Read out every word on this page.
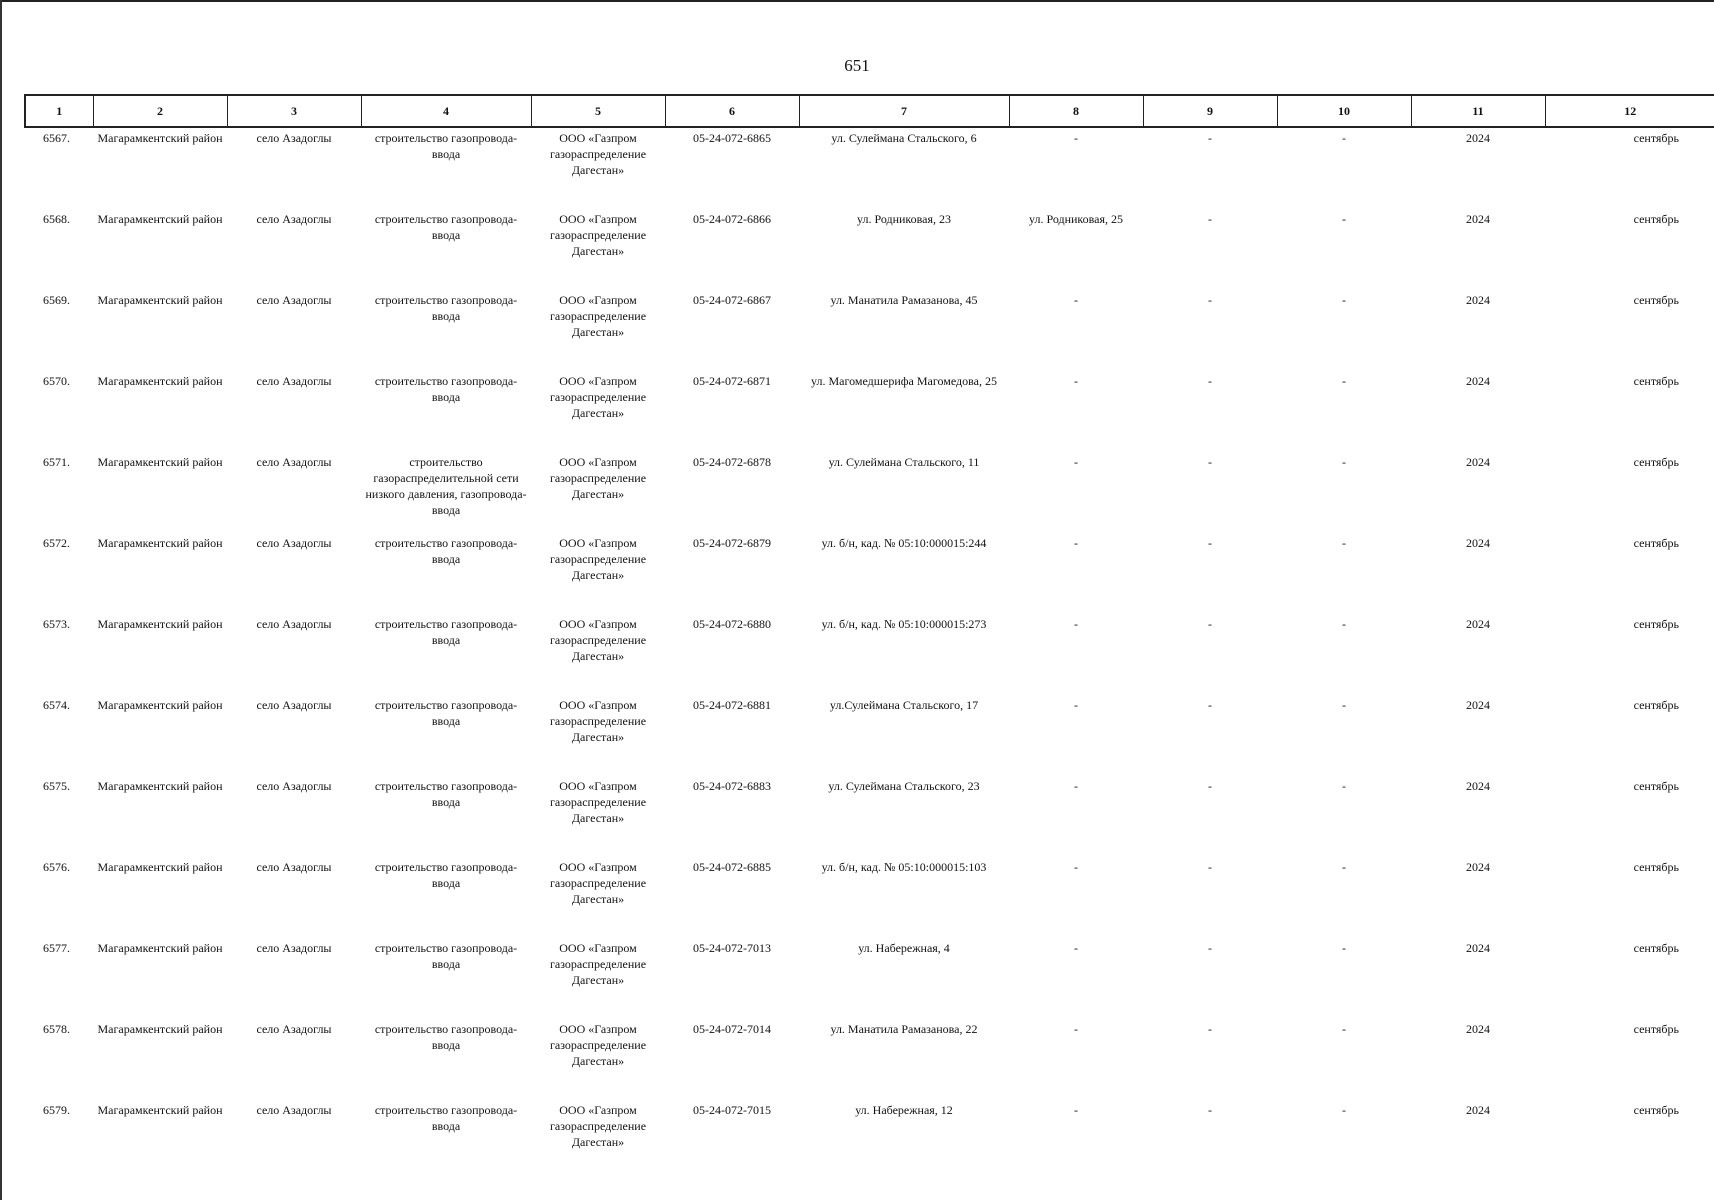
651
1	2	3	4	5	6	7	8	9	10	11	12
6567.	Магарамкентский район	село Азадоглы	строительство газопровода-ввода	ООО «Газпром газораспределение Дагестан»	05-24-072-6865	ул. Сулеймана Стальского, 6	-	-	-	2024	сентябрь
6568.	Магарамкентский район	село Азадоглы	строительство газопровода-ввода	ООО «Газпром газораспределение Дагестан»	05-24-072-6866	ул. Родниковая, 23	ул. Родниковая, 25	-	-	2024	сентябрь
6569.	Магарамкентский район	село Азадоглы	строительство газопровода-ввода	ООО «Газпром газораспределение Дагестан»	05-24-072-6867	ул. Манатила Рамазанова, 45	-	-	-	2024	сентябрь
6570.	Магарамкентский район	село Азадоглы	строительство газопровода-ввода	ООО «Газпром газораспределение Дагестан»	05-24-072-6871	ул. Магомедшерифа Магомедова, 25	-	-	-	2024	сентябрь
6571.	Магарамкентский район	село Азадоглы	строительство газораспределительной сети низкого давления, газопровода-ввода	ООО «Газпром газораспределение Дагестан»	05-24-072-6878	ул. Сулеймана Стальского, 11	-	-	-	2024	сентябрь
6572.	Магарамкентский район	село Азадоглы	строительство газопровода-ввода	ООО «Газпром газораспределение Дагестан»	05-24-072-6879	ул. б/н, кад. № 05:10:000015:244	-	-	-	2024	сентябрь
6573.	Магарамкентский район	село Азадоглы	строительство газопровода-ввода	ООО «Газпром газораспределение Дагестан»	05-24-072-6880	ул. б/н, кад. № 05:10:000015:273	-	-	-	2024	сентябрь
6574.	Магарамкентский район	село Азадоглы	строительство газопровода-ввода	ООО «Газпром газораспределение Дагестан»	05-24-072-6881	ул.Сулеймана Стальского, 17	-	-	-	2024	сентябрь
6575.	Магарамкентский район	село Азадоглы	строительство газопровода-ввода	ООО «Газпром газораспределение Дагестан»	05-24-072-6883	ул. Сулеймана Стальского, 23	-	-	-	2024	сентябрь
6576.	Магарамкентский район	село Азадоглы	строительство газопровода-ввода	ООО «Газпром газораспределение Дагестан»	05-24-072-6885	ул. б/н, кад. № 05:10:000015:103	-	-	-	2024	сентябрь
6577.	Магарамкентский район	село Азадоглы	строительство газопровода-ввода	ООО «Газпром газораспределение Дагестан»	05-24-072-7013	ул. Набережная, 4	-	-	-	2024	сентябрь
6578.	Магарамкентский район	село Азадоглы	строительство газопровода-ввода	ООО «Газпром газораспределение Дагестан»	05-24-072-7014	ул. Манатила Рамазанова, 22	-	-	-	2024	сентябрь
6579.	Магарамкентский район	село Азадоглы	строительство газопровода-ввода	ООО «Газпром газораспределение Дагестан»	05-24-072-7015	ул. Набережная, 12	-	-	-	2024	сентябрь
